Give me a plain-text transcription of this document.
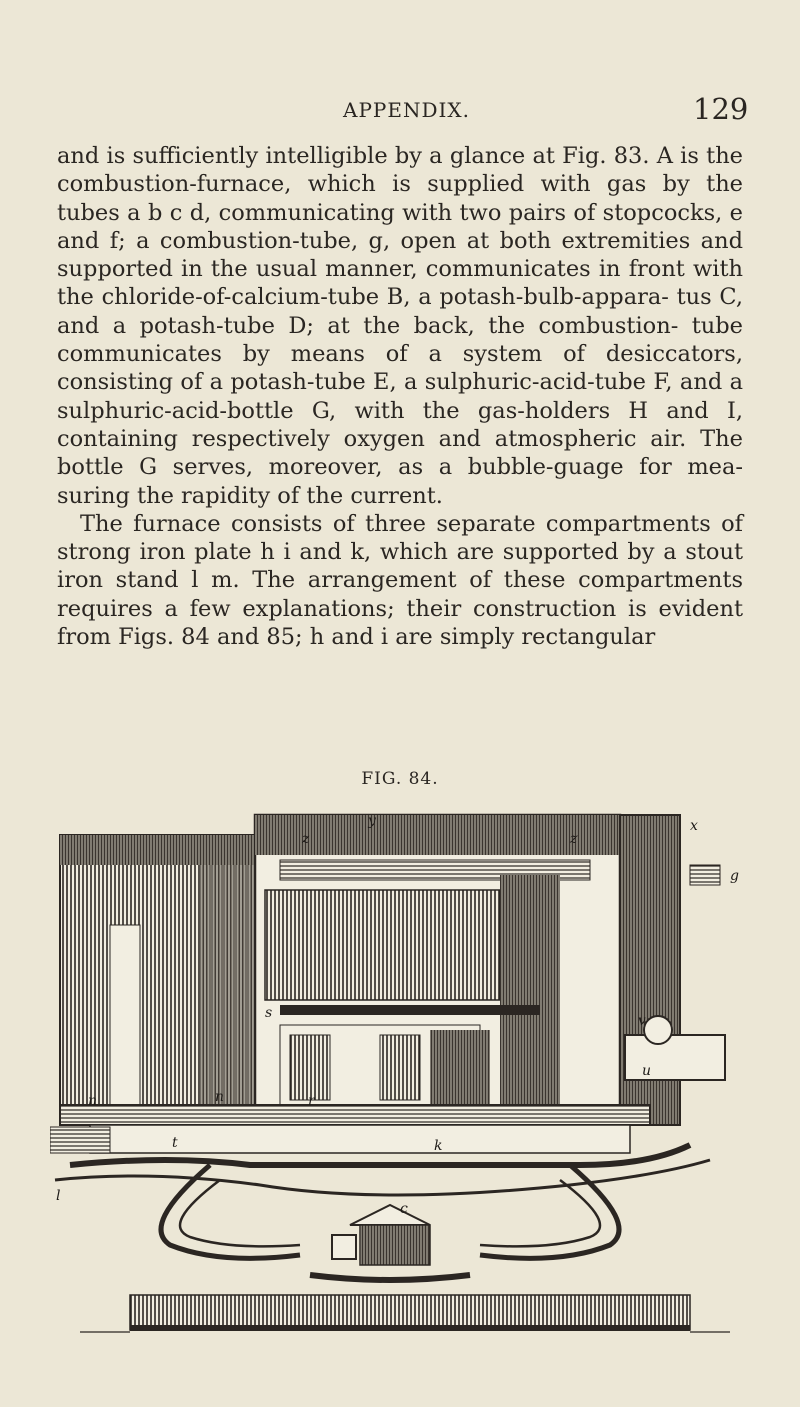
APPENDIX.	129

and is sufficiently intelligible by a glance at Fig. 83. A is the combustion-furnace, which is supplied with gas by the tubes a b c d, communicating with two pairs of stopcocks, e and f; a combustion-tube, g, open at both extremities and supported in the usual manner, communicates in front with the chloride-of-calcium-tube B, a potash-bulb-appara- tus C, and a potash-tube D; at the back, the combustion- tube communicates by means of a system of desiccators, consisting of a potash-tube E, a sulphuric-acid-tube F, and a sulphuric-acid-bottle G, with the gas-holders H and I, containing respectively oxygen and atmospheric air. The bottle G serves, moreover, as a bubble-guage for mea- suring the rapidity of the current.

The furnace consists of three separate compartments of strong iron plate h i and k, which are supported by a stout iron stand l m. The arrangement of these compartments requires a few explanations; their construction is evident from Figs. 84 and 85; h and i are simply rectangular

FIG. 84.
y
z	z
x
g
n	n
s
r
v
u
t	k
l
c
